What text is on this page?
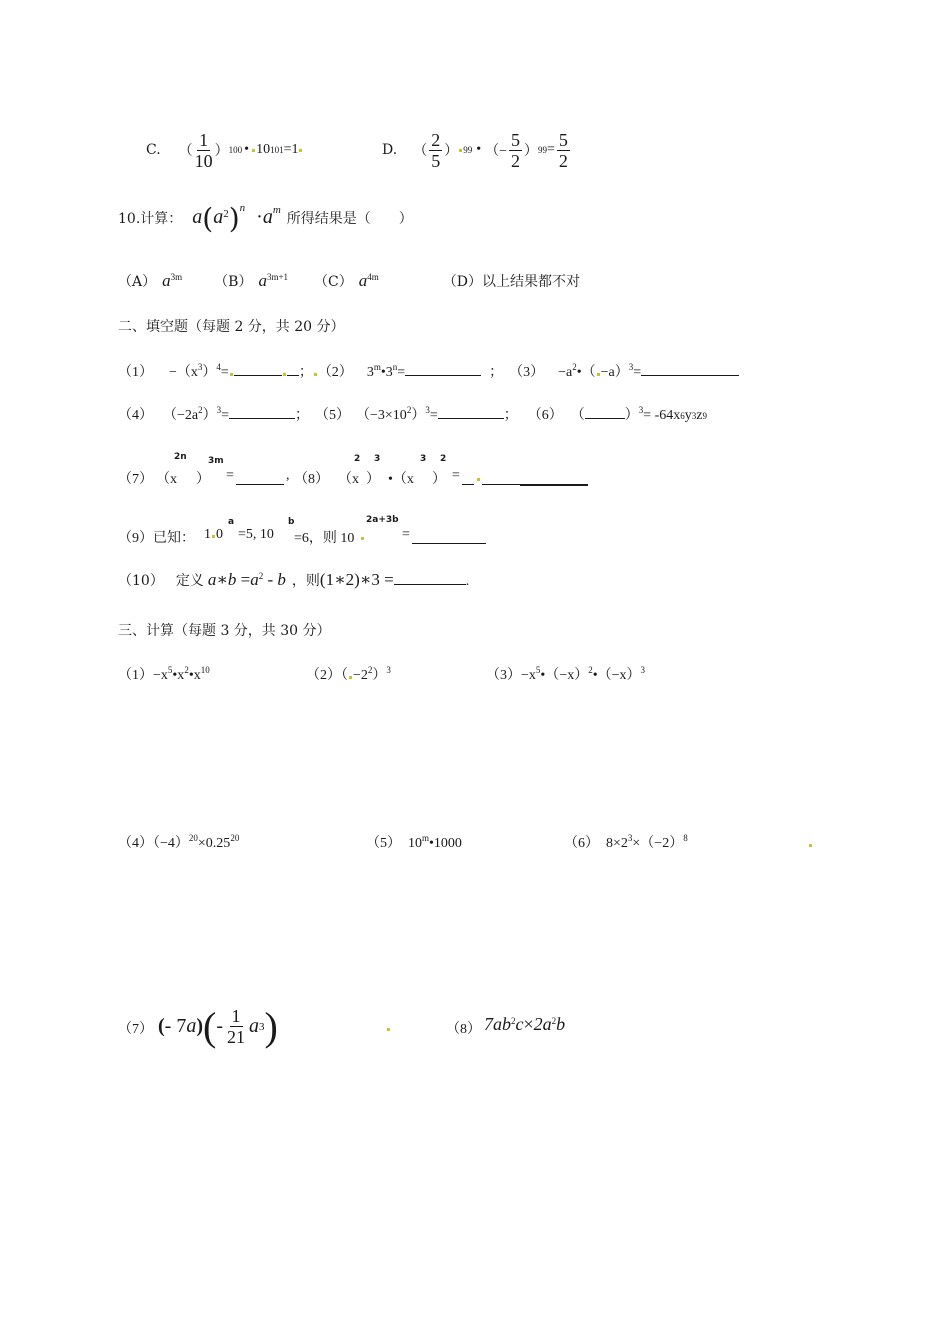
C. （ $\frac{1}{10}$ ） 100 • 10 101 =1	D. （ $\frac{2}{5}$ ） 99 • （− $\frac{5}{2}$ ） $99 = \frac{5}{2}$
10.计算： $a(a^2)^n \cdot a^m$
所得结果是（　　）
（A） $a^{3m}$ （B） $a^{3m+1}$ （C） $a^{4m}$	（D）以上结果都不对
二、填空题（每题 2 分，共 20 分）
$(1) -(x^3)^4=$	； （2） $3^m•3^n=$	； $(3) -a^2•( -a)^3=$
（4） $(-2a^2)^3=$	； （5） $(-3\times 10^2)^3=$	； （6） （	）$^3$ = -64x 6 y 3 z 9
（7） （x
2n
）
3m
=	, （8） （x
2
）
3
•（x
3
）
2
=
（9）已知： 1 0
a
=5, 10
b
=6，则 10
2a+3b
=
（10） 定义 a∗b $=a^2 - b$ ，则 (1∗2)∗3 =	.
三、计算（每题 3 分，共 30 分）
$(1)-x^5•x^2•x^{10}$	$(2)( -2^2)^3$	$(3)-x^5•(-x)^2•(-x)^3$
$(4)(-4)^{20}\times 0.25^{20}$	（5）　10$^m$•1000	（6）　$8\times 2^3\times(-2)^8$
（7） ( - 7 a ) ( - $\frac{1}{21}$ a 3 )	（8） $7ab^2c\times 2a^2b$
